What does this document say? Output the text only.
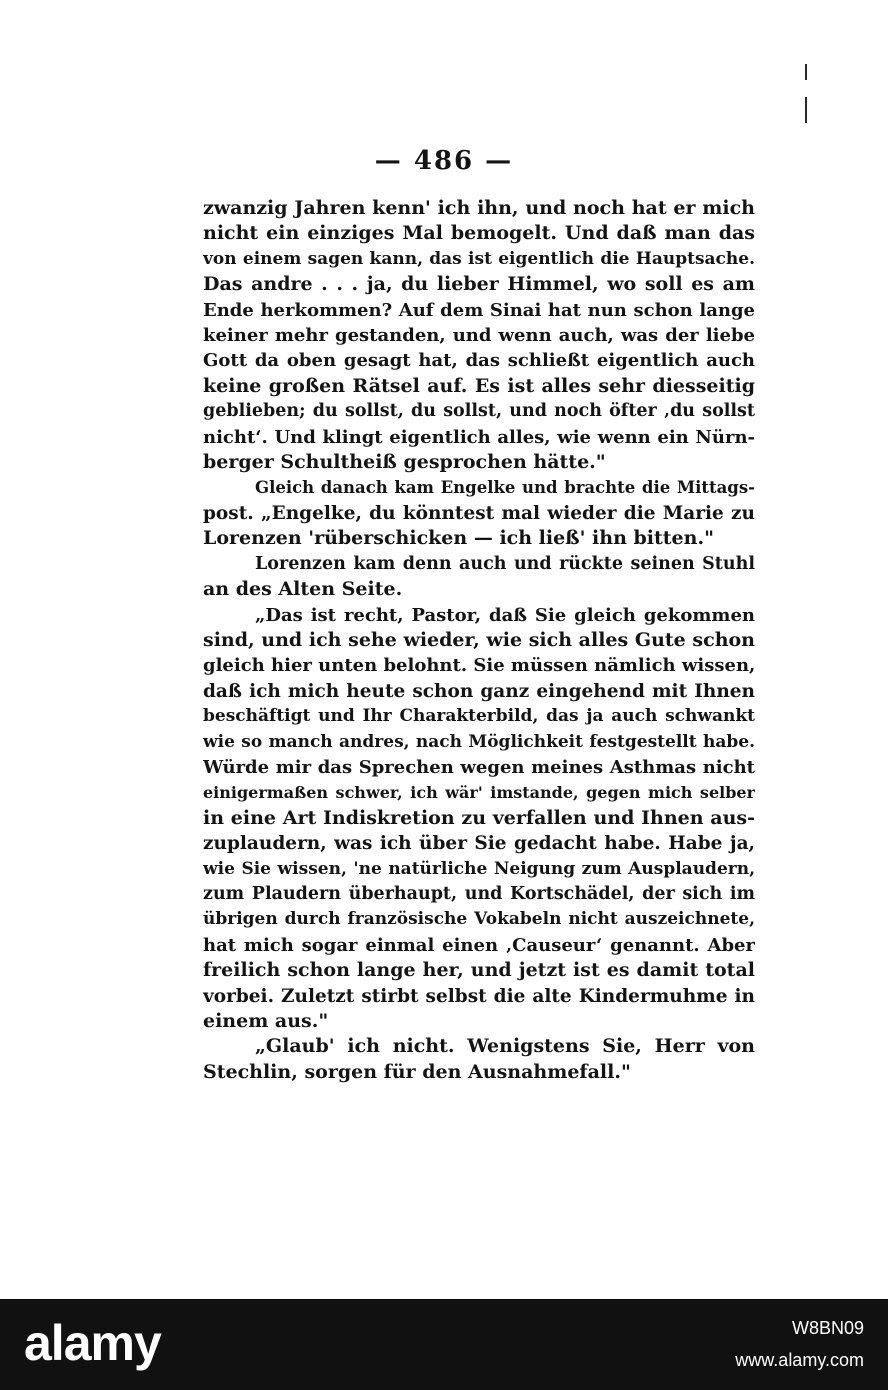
— 486 —
zwanzig Jahren kenn' ich ihn, und noch hat er mich
nicht ein einziges Mal bemogelt. Und daß man das
von einem sagen kann, das ist eigentlich die Hauptsache.
Das andre . . . ja, du lieber Himmel, wo soll es am
Ende herkommen? Auf dem Sinai hat nun schon lange
keiner mehr gestanden, und wenn auch, was der liebe
Gott da oben gesagt hat, das schließt eigentlich auch
keine großen Rätsel auf. Es ist alles sehr diesseitig
geblieben; du sollst, du sollst, und noch öfter ‚du sollst
nicht‘. Und klingt eigentlich alles, wie wenn ein Nürn-
berger Schultheiß gesprochen hätte."
Gleich danach kam Engelke und brachte die Mittags-
post. „Engelke, du könntest mal wieder die Marie zu
Lorenzen 'rüberschicken — ich ließ' ihn bitten."
Lorenzen kam denn auch und rückte seinen Stuhl
an des Alten Seite.
„Das ist recht, Pastor, daß Sie gleich gekommen
sind, und ich sehe wieder, wie sich alles Gute schon
gleich hier unten belohnt. Sie müssen nämlich wissen,
daß ich mich heute schon ganz eingehend mit Ihnen
beschäftigt und Ihr Charakterbild, das ja auch schwankt
wie so manch andres, nach Möglichkeit festgestellt habe.
Würde mir das Sprechen wegen meines Asthmas nicht
einigermaßen schwer, ich wär' imstande, gegen mich selber
in eine Art Indiskretion zu verfallen und Ihnen aus-
zuplaudern, was ich über Sie gedacht habe. Habe ja,
wie Sie wissen, 'ne natürliche Neigung zum Ausplaudern,
zum Plaudern überhaupt, und Kortschädel, der sich im
übrigen durch französische Vokabeln nicht auszeichnete,
hat mich sogar einmal einen ‚Causeur‘ genannt. Aber
freilich schon lange her, und jetzt ist es damit total
vorbei. Zuletzt stirbt selbst die alte Kindermuhme in
einem aus."
„Glaub' ich nicht. Wenigstens Sie, Herr von
Stechlin, sorgen für den Ausnahmefall."
alamy	W8BN09
www.alamy.com
